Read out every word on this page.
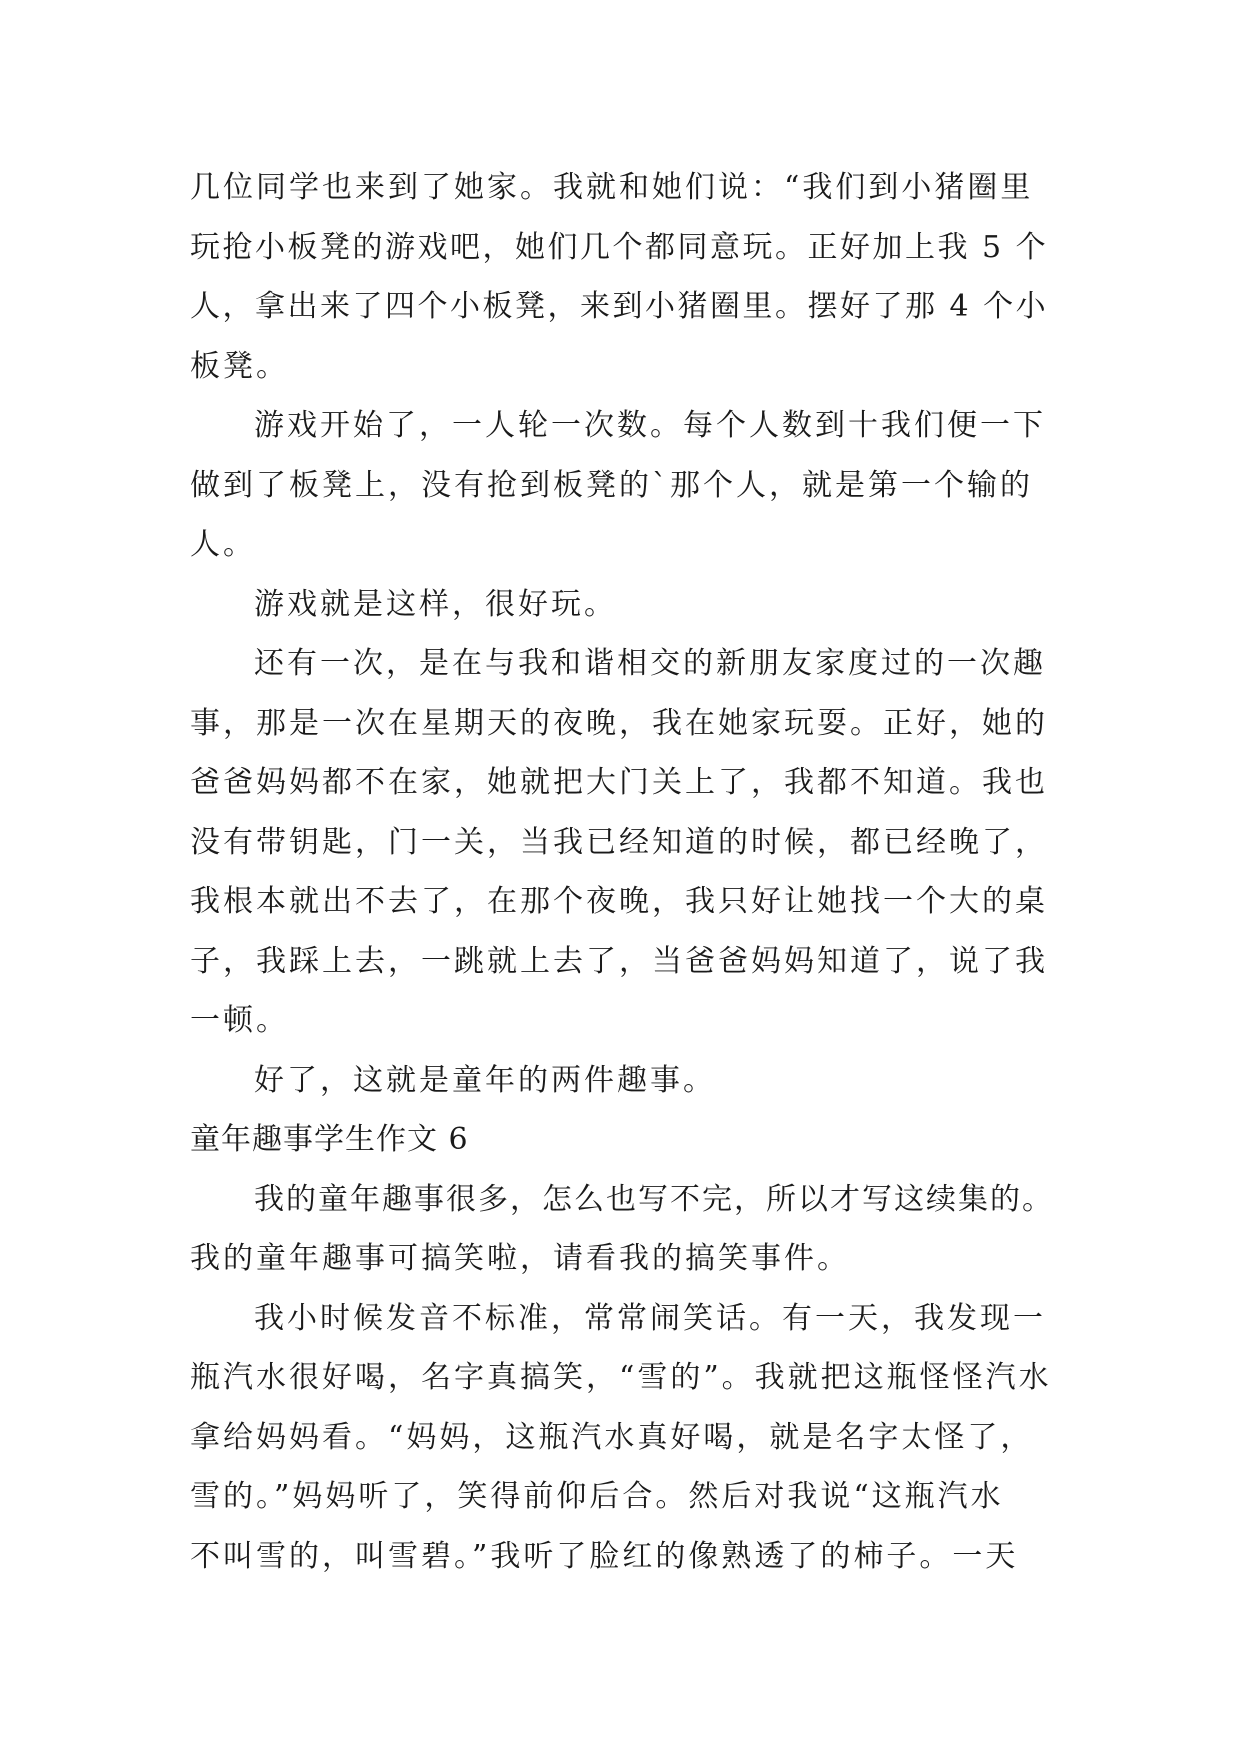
几位同学也来到了她家。我就和她们说：“我们到小猪圈里
玩抢小板凳的游戏吧，她们几个都同意玩。正好加上我 5 个
人，拿出来了四个小板凳，来到小猪圈里。摆好了那 4 个小
板凳。
游戏开始了，一人轮一次数。每个人数到十我们便一下
做到了板凳上，没有抢到板凳的`那个人，就是第一个输的
人。
游戏就是这样，很好玩。
还有一次，是在与我和谐相交的新朋友家度过的一次趣
事，那是一次在星期天的夜晚，我在她家玩耍。正好，她的
爸爸妈妈都不在家，她就把大门关上了，我都不知道。我也
没有带钥匙，门一关，当我已经知道的时候，都已经晚了，
我根本就出不去了，在那个夜晚，我只好让她找一个大的桌
子，我踩上去，一跳就上去了，当爸爸妈妈知道了，说了我
一顿。
好了，这就是童年的两件趣事。
童年趣事学生作文 6
我的童年趣事很多，怎么也写不完，所以才写这续集的。
我的童年趣事可搞笑啦，请看我的搞笑事件。
我小时候发音不标准，常常闹笑话。有一天，我发现一
瓶汽水很好喝，名字真搞笑，“雪的”。我就把这瓶怪怪汽水
拿给妈妈看。“妈妈，这瓶汽水真好喝，就是名字太怪了，
雪的。”妈妈听了，笑得前仰后合。然后对我说“这瓶汽水
不叫雪的，叫雪碧。”我听了脸红的像熟透了的柿子。一天
